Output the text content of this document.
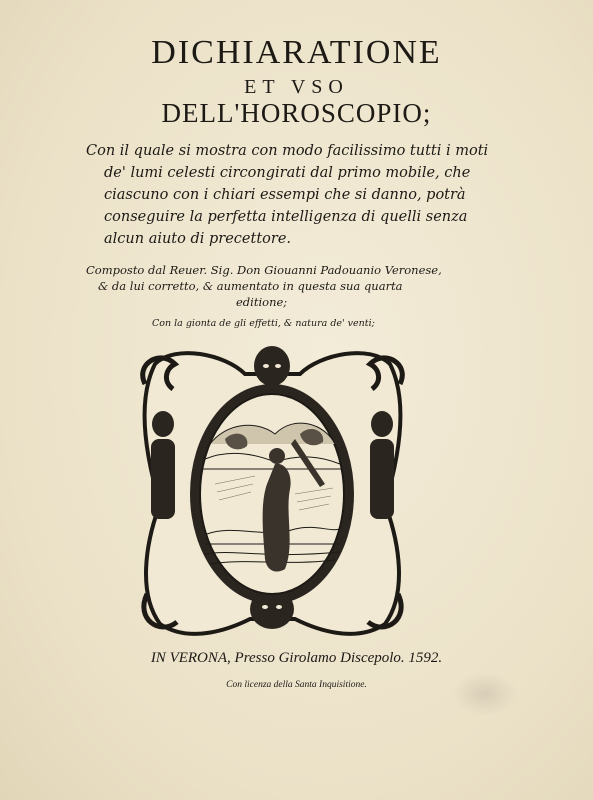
DICHIARATIONE
ET VSO
DELL'HOROSCOPIO;
Con il quale si mostra con modo facilissimo tutti i moti
de' lumi celesti circongirati dal primo mobile, che
ciascuno con i chiari essempi che si danno, potrà
conseguire la perfetta intelligenza di quelli senza
alcun aiuto di precettore.
Composto dal Reuer. Sig. Don Giouanni Padouanio Veronese,
& da lui corretto, & aumentato in questa sua quarta
editione;
Con la gionta de gli effetti, & natura de' venti;
IN VERONA, Presso Girolamo Discepolo. 1592.
Con licenza della Santa Inquisitione.
